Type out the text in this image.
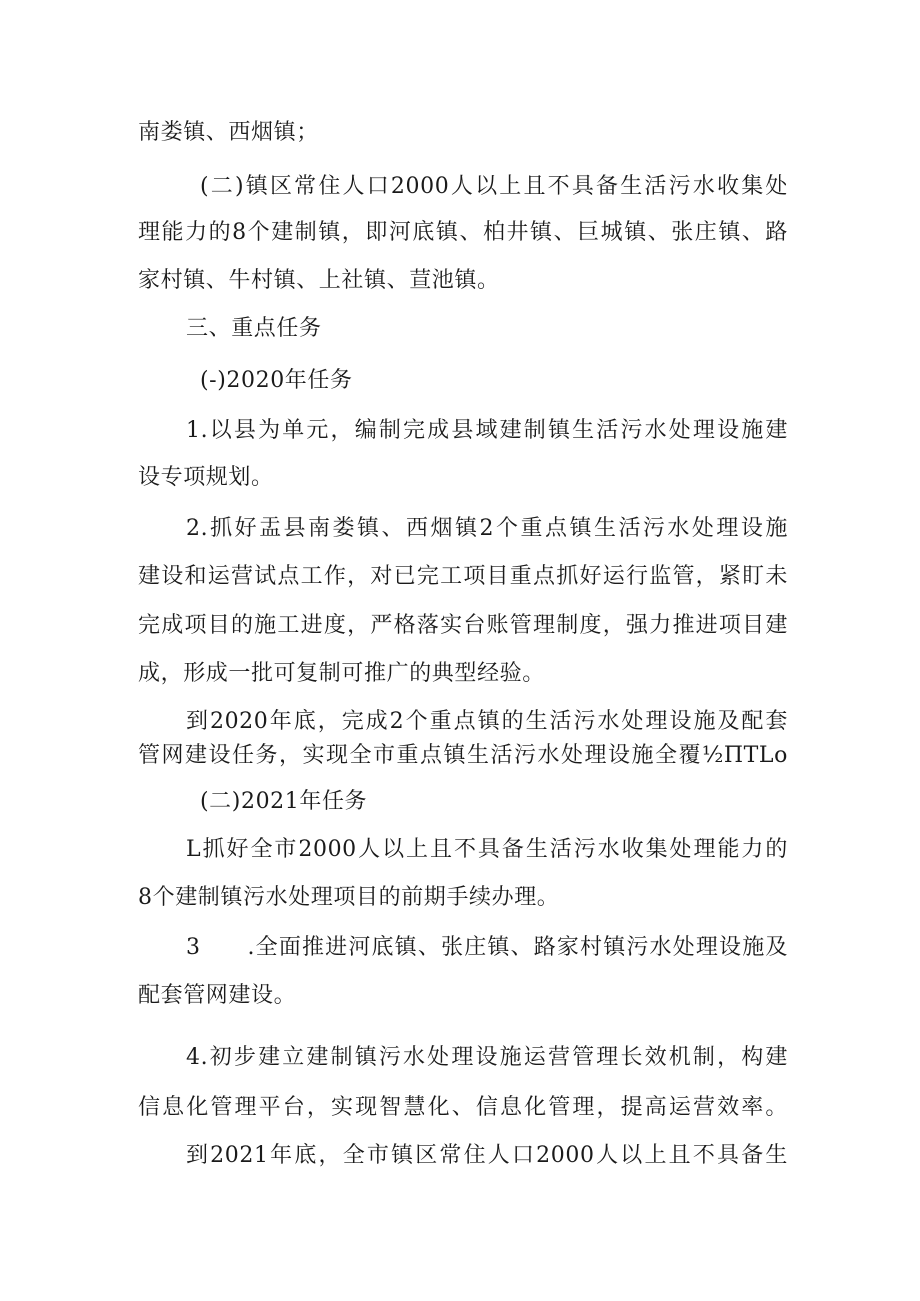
南娄镇、西烟镇；
(二)镇区常住人口2000人以上且不具备生活污水收集处
理能力的8个建制镇，即河底镇、柏井镇、巨城镇、张庄镇、路
家村镇、牛村镇、上社镇、荁池镇。
三、重点任务
(-)2020年任务
1.以县为单元，编制完成县域建制镇生活污水处理设施建
设专项规划。
2.抓好盂县南娄镇、西烟镇2个重点镇生活污水处理设施
建设和运营试点工作，对已完工项目重点抓好运行监管，紧盯未
完成项目的施工进度，严格落实台账管理制度，强力推进项目建
成，形成一批可复制可推广的典型经验。
到2020年底，完成2个重点镇的生活污水处理设施及配套
管网建设任务，实现全市重点镇生活污水处理设施全覆½ΠTLo
(二)2021年任务
L抓好全市2000人以上且不具备生活污水收集处理能力的
8个建制镇污水处理项目的前期手续办理。
3　　.全面推进河底镇、张庄镇、路家村镇污水处理设施及
配套管网建设。
4.初步建立建制镇污水处理设施运营管理长效机制，构建
信息化管理平台，实现智慧化、信息化管理，提高运营效率。
到2021年底，全市镇区常住人口2000人以上且不具备生
